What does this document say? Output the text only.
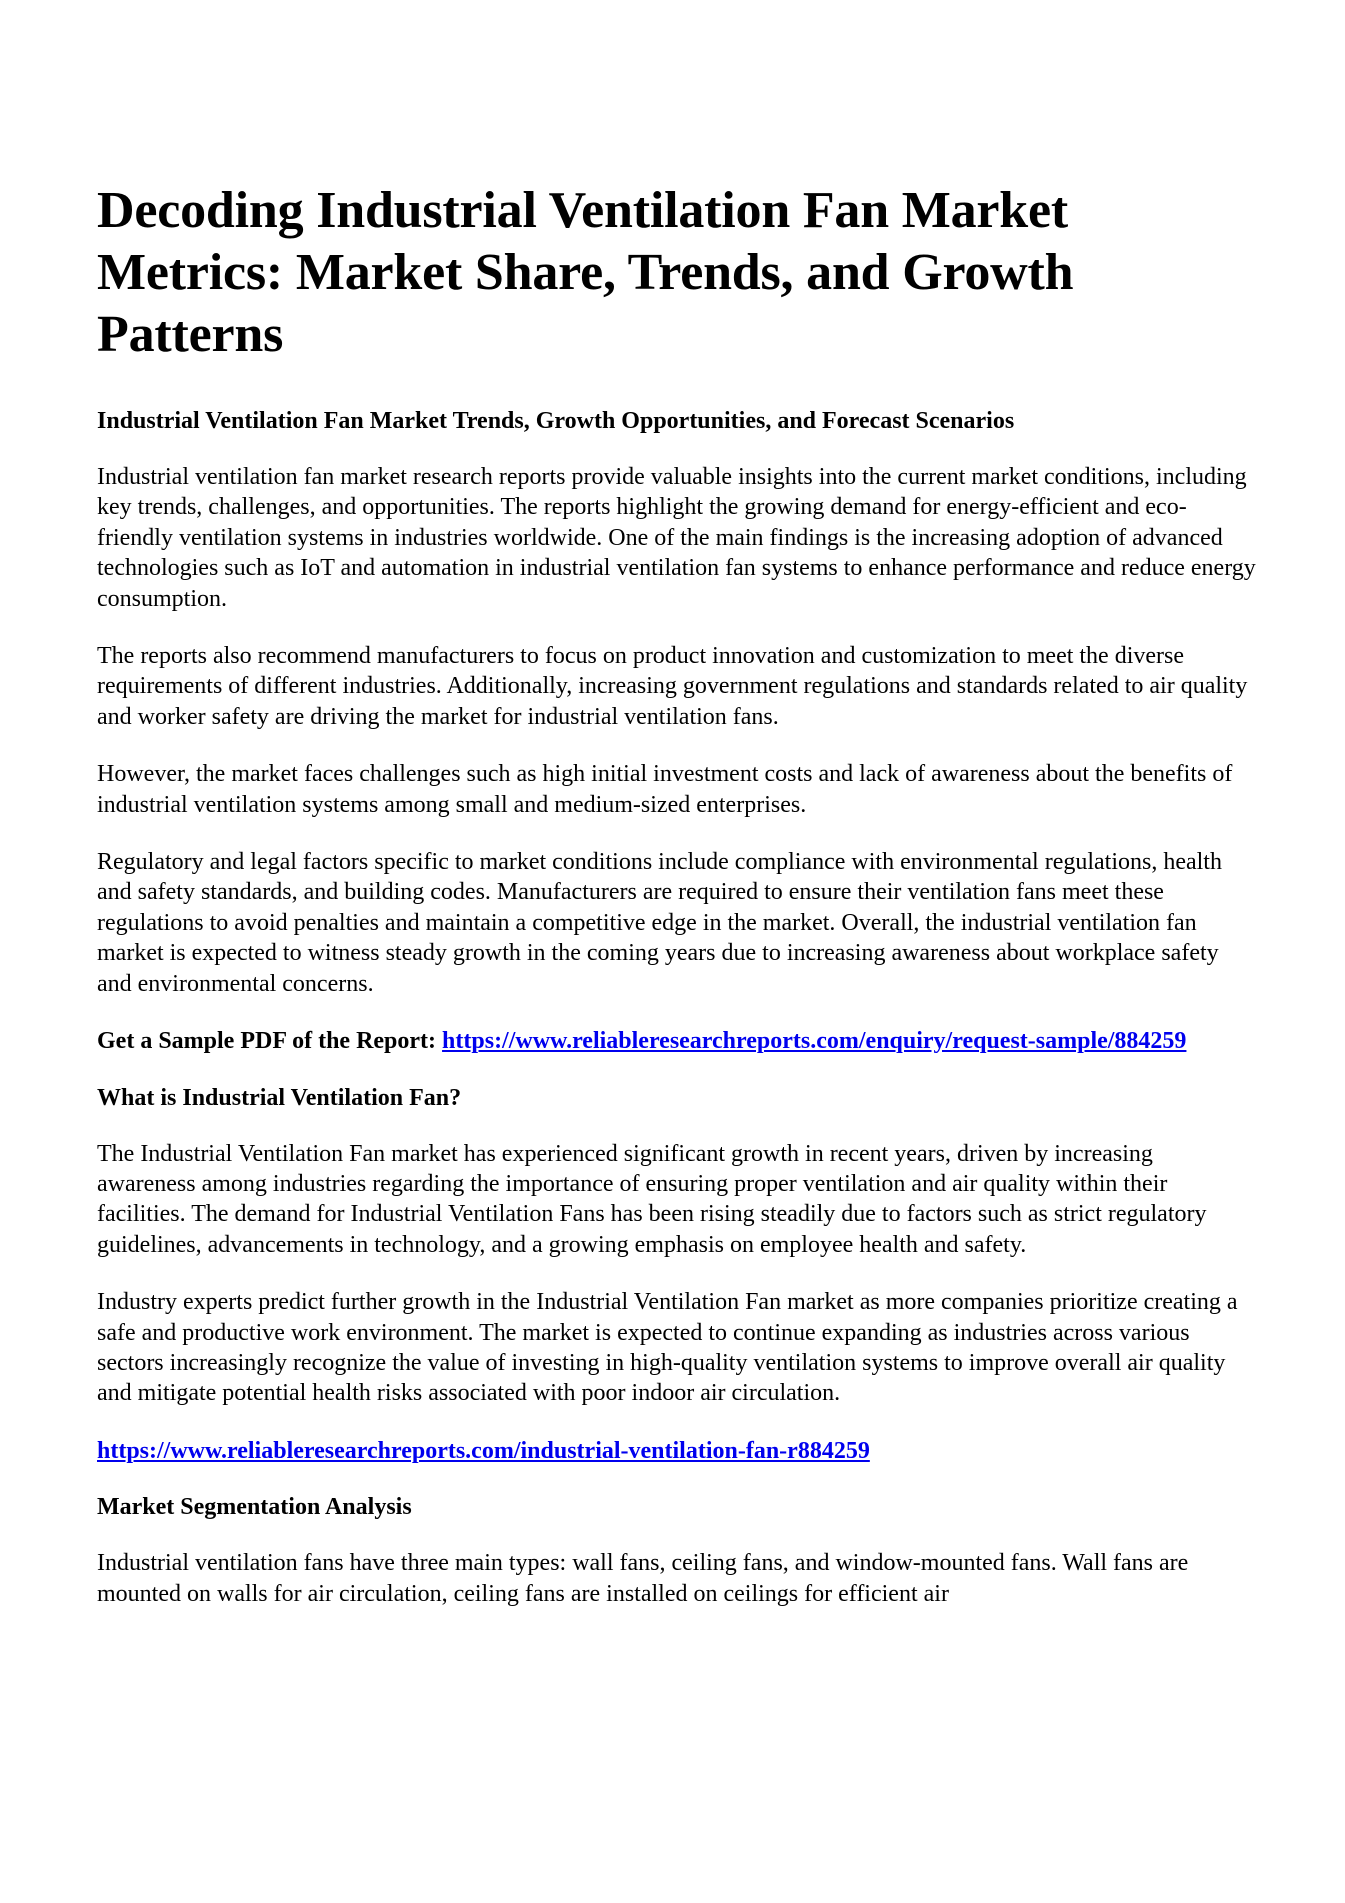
Decoding Industrial Ventilation Fan Market Metrics: Market Share, Trends, and Growth Patterns
Industrial Ventilation Fan Market Trends, Growth Opportunities, and Forecast Scenarios

Industrial ventilation fan market research reports provide valuable insights into the current market conditions, including key trends, challenges, and opportunities. The reports highlight the growing demand for energy-efficient and eco-friendly ventilation systems in industries worldwide. One of the main findings is the increasing adoption of advanced technologies such as IoT and automation in industrial ventilation fan systems to enhance performance and reduce energy consumption.

The reports also recommend manufacturers to focus on product innovation and customization to meet the diverse requirements of different industries. Additionally, increasing government regulations and standards related to air quality and worker safety are driving the market for industrial ventilation fans.

However, the market faces challenges such as high initial investment costs and lack of awareness about the benefits of industrial ventilation systems among small and medium-sized enterprises.

Regulatory and legal factors specific to market conditions include compliance with environmental regulations, health and safety standards, and building codes. Manufacturers are required to ensure their ventilation fans meet these regulations to avoid penalties and maintain a competitive edge in the market. Overall, the industrial ventilation fan market is expected to witness steady growth in the coming years due to increasing awareness about workplace safety and environmental concerns.

Get a Sample PDF of the Report: https://www.reliableresearchreports.com/enquiry/request-sample/884259

What is Industrial Ventilation Fan?

The Industrial Ventilation Fan market has experienced significant growth in recent years, driven by increasing awareness among industries regarding the importance of ensuring proper ventilation and air quality within their facilities. The demand for Industrial Ventilation Fans has been rising steadily due to factors such as strict regulatory guidelines, advancements in technology, and a growing emphasis on employee health and safety.

Industry experts predict further growth in the Industrial Ventilation Fan market as more companies prioritize creating a safe and productive work environment. The market is expected to continue expanding as industries across various sectors increasingly recognize the value of investing in high-quality ventilation systems to improve overall air quality and mitigate potential health risks associated with poor indoor air circulation.

https://www.reliableresearchreports.com/industrial-ventilation-fan-r884259

Market Segmentation Analysis

Industrial ventilation fans have three main types: wall fans, ceiling fans, and window-mounted fans. Wall fans are mounted on walls for air circulation, ceiling fans are installed on ceilings for efficient air
